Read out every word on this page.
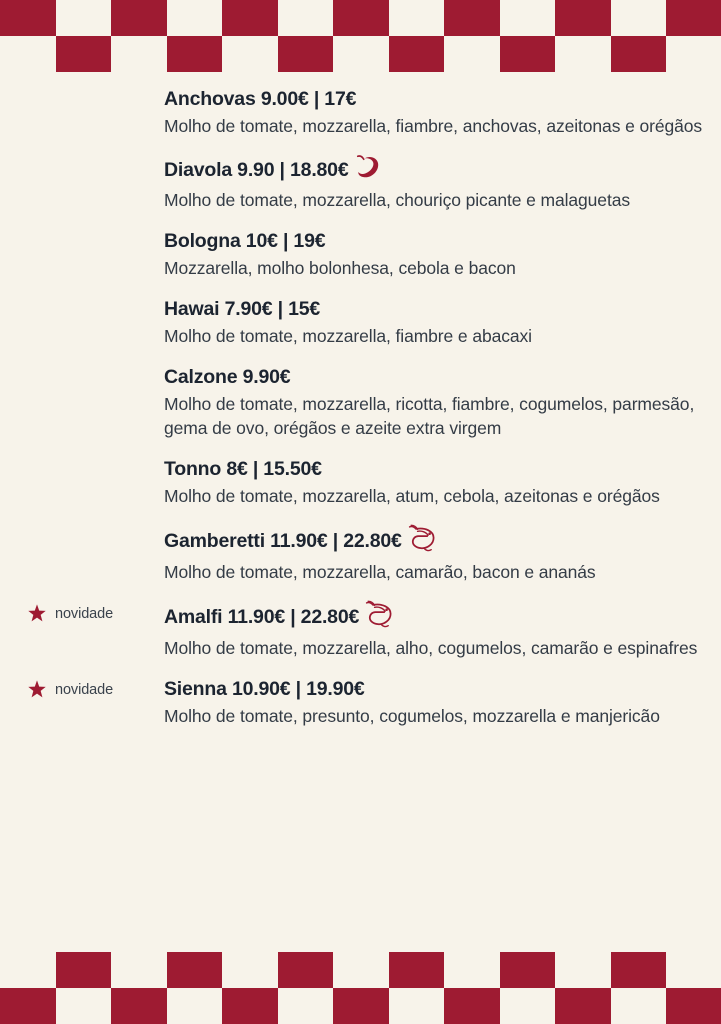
Anchovas 9.00€ | 17€
Molho de tomate, mozzarella, fiambre, anchovas, azeitonas e orégãos
Diavola 9.90 | 18.80€
Molho de tomate, mozzarella, chouriço picante e malaguetas
Bologna 10€ | 19€
Mozzarella, molho bolonhesa, cebola e bacon
Hawai 7.90€ | 15€
Molho de tomate, mozzarella, fiambre e abacaxi
Calzone 9.90€
Molho de tomate, mozzarella, ricotta, fiambre, cogumelos, parmesão, gema de ovo, orégãos e azeite extra virgem
Tonno 8€ | 15.50€
Molho de tomate, mozzarella, atum, cebola, azeitonas e orégãos
Gamberetti 11.90€ | 22.80€
Molho de tomate, mozzarella, camarão, bacon e ananás
novidade	Amalfi 11.90€ | 22.80€
Molho de tomate, mozzarella, alho, cogumelos, camarão e espinafres
novidade	Sienna 10.90€ | 19.90€
Molho de tomate, presunto, cogumelos, mozzarella e manjericão
